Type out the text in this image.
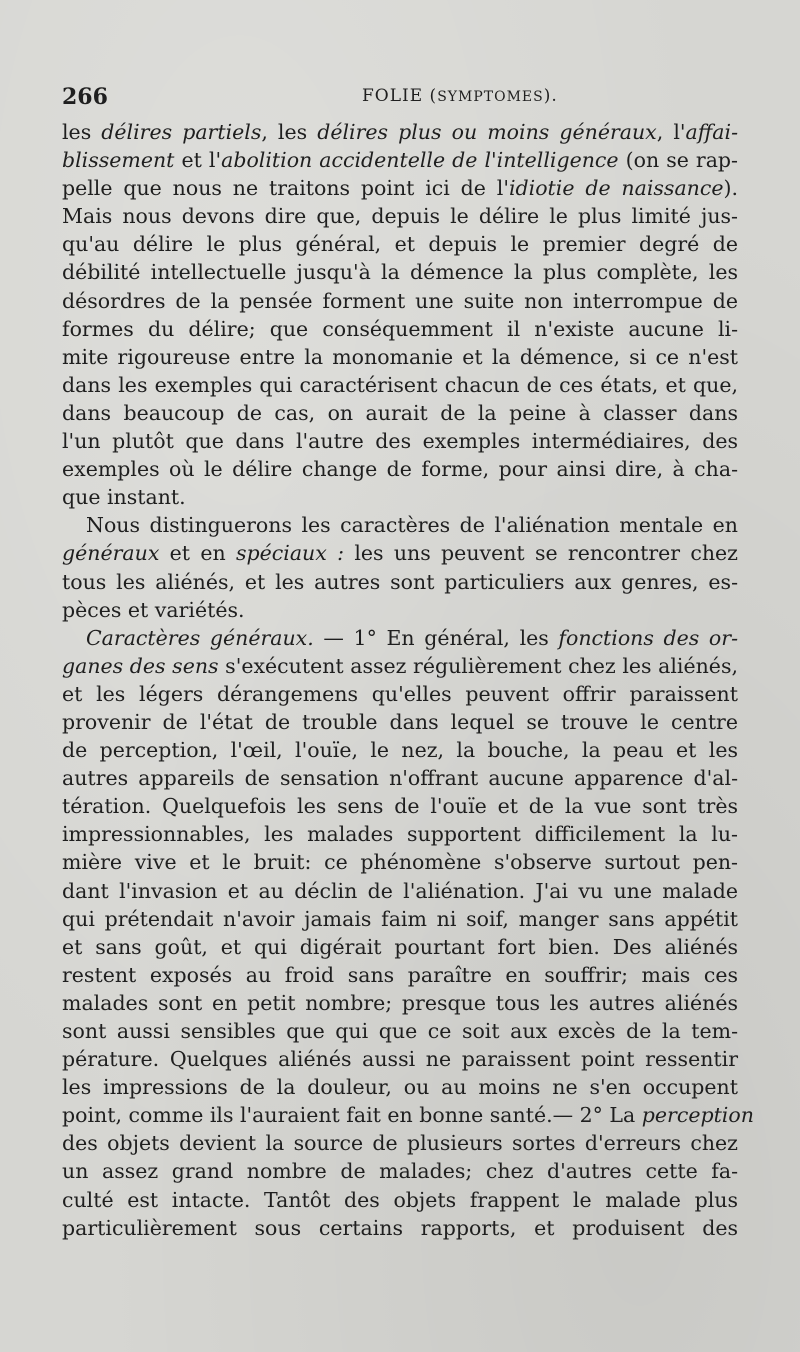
266	FOLIE (SYMPTOMES).
les délires partiels, les délires plus ou moins généraux, l'affai-
blissement et l'abolition accidentelle de l'intelligence (on se rap-
pelle que nous ne traitons point ici de l'idiotie de naissance).
Mais nous devons dire que, depuis le délire le plus limité jus-
qu'au délire le plus général, et depuis le premier degré de
débilité intellectuelle jusqu'à la démence la plus complète, les
désordres de la pensée forment une suite non interrompue de
formes du délire; que conséquemment il n'existe aucune li-
mite rigoureuse entre la monomanie et la démence, si ce n'est
dans les exemples qui caractérisent chacun de ces états, et que,
dans beaucoup de cas, on aurait de la peine à classer dans
l'un plutôt que dans l'autre des exemples intermédiaires, des
exemples où le délire change de forme, pour ainsi dire, à cha-
que instant.
Nous distinguerons les caractères de l'aliénation mentale en
généraux et en spéciaux : les uns peuvent se rencontrer chez
tous les aliénés, et les autres sont particuliers aux genres, es-
pèces et variétés.
Caractères généraux. — 1° En général, les fonctions des or-
ganes des sens s'exécutent assez régulièrement chez les aliénés,
et les légers dérangemens qu'elles peuvent offrir paraissent
provenir de l'état de trouble dans lequel se trouve le centre
de perception, l'œil, l'ouïe, le nez, la bouche, la peau et les
autres appareils de sensation n'offrant aucune apparence d'al-
tération. Quelquefois les sens de l'ouïe et de la vue sont très
impressionnables, les malades supportent difficilement la lu-
mière vive et le bruit: ce phénomène s'observe surtout pen-
dant l'invasion et au déclin de l'aliénation. J'ai vu une malade
qui prétendait n'avoir jamais faim ni soif, manger sans appétit
et sans goût, et qui digérait pourtant fort bien. Des aliénés
restent exposés au froid sans paraître en souffrir; mais ces
malades sont en petit nombre; presque tous les autres aliénés
sont aussi sensibles que qui que ce soit aux excès de la tem-
pérature. Quelques aliénés aussi ne paraissent point ressentir
les impressions de la douleur, ou au moins ne s'en occupent
point, comme ils l'auraient fait en bonne santé.— 2° La perception
des objets devient la source de plusieurs sortes d'erreurs chez
un assez grand nombre de malades; chez d'autres cette fa-
culté est intacte. Tantôt des objets frappent le malade plus
particulièrement sous certains rapports, et produisent des
